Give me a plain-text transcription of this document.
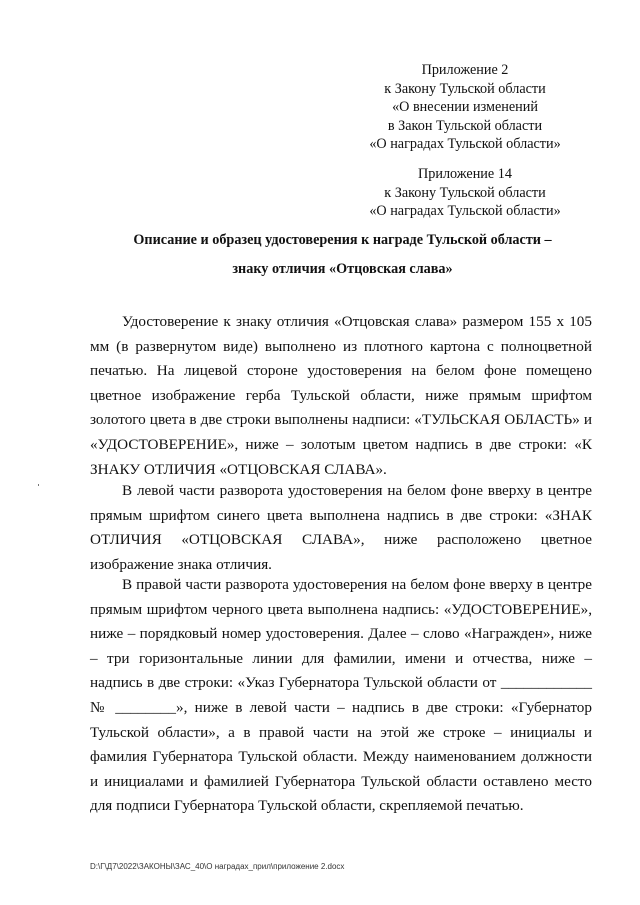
Приложение 2
к Закону Тульской области
«О внесении изменений
в Закон Тульской области
«О наградах Тульской области»
Приложение 14
к Закону Тульской области
«О наградах Тульской области»
Описание и образец удостоверения к награде Тульской области –
знаку отличия «Отцовская слава»

Удостоверение к знаку отличия «Отцовская слава» размером 155 x 105 мм (в развернутом виде) выполнено из плотного картона с полноцветной печатью. На лицевой стороне удостоверения на белом фоне помещено цветное изображение герба Тульской области, ниже прямым шрифтом золотого цвета в две строки выполнены надписи: «ТУЛЬСКАЯ ОБЛАСТЬ» и «УДОСТОВЕРЕНИЕ», ниже – золотым цветом надпись в две строки: «К ЗНАКУ ОТЛИЧИЯ «ОТЦОВСКАЯ СЛАВА».

В левой части разворота удостоверения на белом фоне вверху в центре прямым шрифтом синего цвета выполнена надпись в две строки: «ЗНАК ОТЛИЧИЯ «ОТЦОВСКАЯ СЛАВА», ниже расположено цветное изображение знака отличия.

В правой части разворота удостоверения на белом фоне вверху в центре прямым шрифтом черного цвета выполнена надпись: «УДОСТОВЕРЕНИЕ», ниже – порядковый номер удостоверения. Далее – слово «Награжден», ниже – три горизонтальные линии для фамилии, имени и отчества, ниже – надпись в две строки: «Указ Губернатора Тульской области от ____________ № ________», ниже в левой части – надпись в две строки: «Губернатор Тульской области», а в правой части на этой же строке – инициалы и фамилия Губернатора Тульской области. Между наименованием должности и инициалами и фамилией Губернатора Тульской области оставлено место для подписи Губернатора Тульской области, скрепляемой печатью.

D:\Г\Д7\2022\ЗАКОНЫ\ЗАС_40\О наградах_прил\приложение 2.docx
